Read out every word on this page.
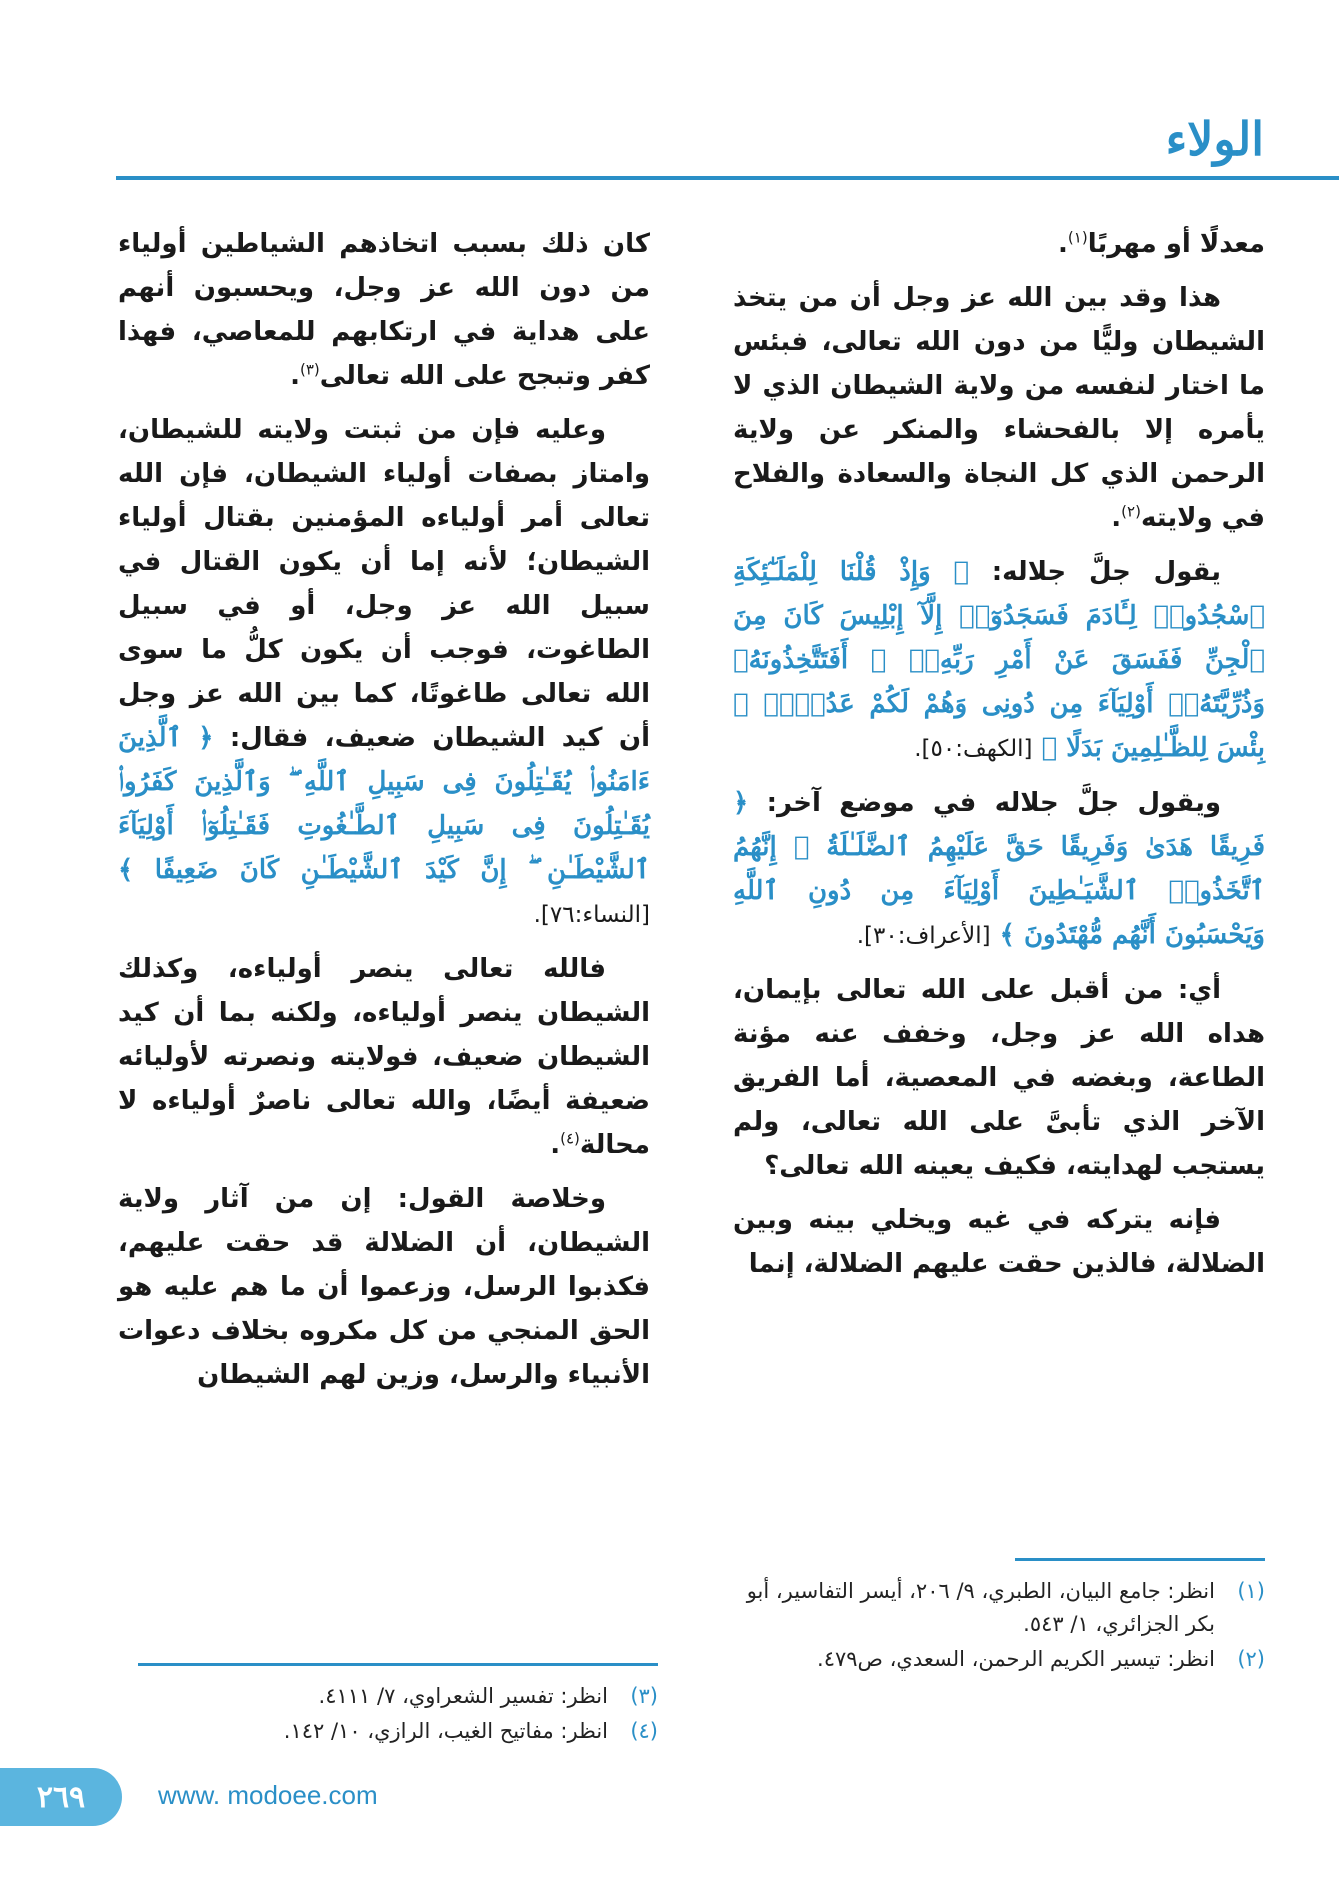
الولاء

معدلًا أو مهربًا$^{(١)}$.

هذا وقد بين الله عز وجل أن من يتخذ الشيطان وليًّا من دون الله تعالى، فبئس ما اختار لنفسه من ولاية الشيطان الذي لا يأمره إلا بالفحشاء والمنكر عن ولاية الرحمن الذي كل النجاة والسعادة والفلاح في ولايته$^{(٢)}$.

يقول جلَّ جلاله: ﴿ وَإِذْ قُلْنَا لِلْمَلَـٰٓئِكَةِ ٱسْجُدُوا۟ لِـَٔادَمَ فَسَجَدُوٓا۟ إِلَّآ إِبْلِيسَ كَانَ مِنَ ٱلْجِنِّ فَفَسَقَ عَنْ أَمْرِ رَبِّهِۦٓ ۗ أَفَتَتَّخِذُونَهُۥ وَذُرِّيَّتَهُۥٓ أَوْلِيَآءَ مِن دُونِى وَهُمْ لَكُمْ عَدُوٌّۢ ۚ بِئْسَ لِلظَّـٰلِمِينَ بَدَلًا ﴾ [الكهف:٥٠].

ويقول جلَّ جلاله في موضع آخر: ﴿ فَرِيقًا هَدَىٰ وَفَرِيقًا حَقَّ عَلَيْهِمُ ٱلضَّلَـٰلَةُ ۗ إِنَّهُمُ ٱتَّخَذُوا۟ ٱلشَّيَـٰطِينَ أَوْلِيَآءَ مِن دُونِ ٱللَّهِ وَيَحْسَبُونَ أَنَّهُم مُّهْتَدُونَ ﴾ [الأعراف:٣٠].

أي: من أقبل على الله تعالى بإيمان، هداه الله عز وجل، وخفف عنه مؤنة الطاعة، وبغضه في المعصية، أما الفريق الآخر الذي تأبىَّ على الله تعالى، ولم يستجب لهدايته، فكيف يعينه الله تعالى؟

فإنه يتركه في غيه ويخلي بينه وبين الضلالة، فالذين حقت عليهم الضلالة، إنما

كان ذلك بسبب اتخاذهم الشياطين أولياء من دون الله عز وجل، ويحسبون أنهم على هداية في ارتكابهم للمعاصي، فهذا كفر وتبجح على الله تعالى$^{(٣)}$.

وعليه فإن من ثبتت ولايته للشيطان، وامتاز بصفات أولياء الشيطان، فإن الله تعالى أمر أولياءه المؤمنين بقتال أولياء الشيطان؛ لأنه إما أن يكون القتال في سبيل الله عز وجل، أو في سبيل الطاغوت، فوجب أن يكون كلُّ ما سوى الله تعالى طاغوتًا، كما بين الله عز وجل أن كيد الشيطان ضعيف، فقال: ﴿ ٱلَّذِينَ ءَامَنُوا۟ يُقَـٰتِلُونَ فِى سَبِيلِ ٱللَّهِ ۖ وَٱلَّذِينَ كَفَرُوا۟ يُقَـٰتِلُونَ فِى سَبِيلِ ٱلطَّـٰغُوتِ فَقَـٰتِلُوٓا۟ أَوْلِيَآءَ ٱلشَّيْطَـٰنِ ۖ إِنَّ كَيْدَ ٱلشَّيْطَـٰنِ كَانَ ضَعِيفًا ﴾ [النساء:٧٦].

فالله تعالى ينصر أولياءه، وكذلك الشيطان ينصر أولياءه، ولكنه بما أن كيد الشيطان ضعيف، فولايته ونصرته لأوليائه ضعيفة أيضًا، والله تعالى ناصرٌ أولياءه لا محالة$^{(٤)}$.

وخلاصة القول: إن من آثار ولاية الشيطان، أن الضلالة قد حقت عليهم، فكذبوا الرسل، وزعموا أن ما هم عليه هو الحق المنجي من كل مكروه بخلاف دعوات الأنبياء والرسل، وزين لهم الشيطان

(١)انظر: جامع البيان، الطبري، ٩/ ٢٠٦، أيسر التفاسير، أبو بكر الجزائري، ١/ ٥٤٣.

(٢)انظر: تيسير الكريم الرحمن، السعدي، ص٤٧٩.

(٣)انظر: تفسير الشعراوي، ٧/ ٤١١١.

(٤)انظر: مفاتيح الغيب، الرازي، ١٠/ ١٤٢.

٢٦٩	www. modoee.com
